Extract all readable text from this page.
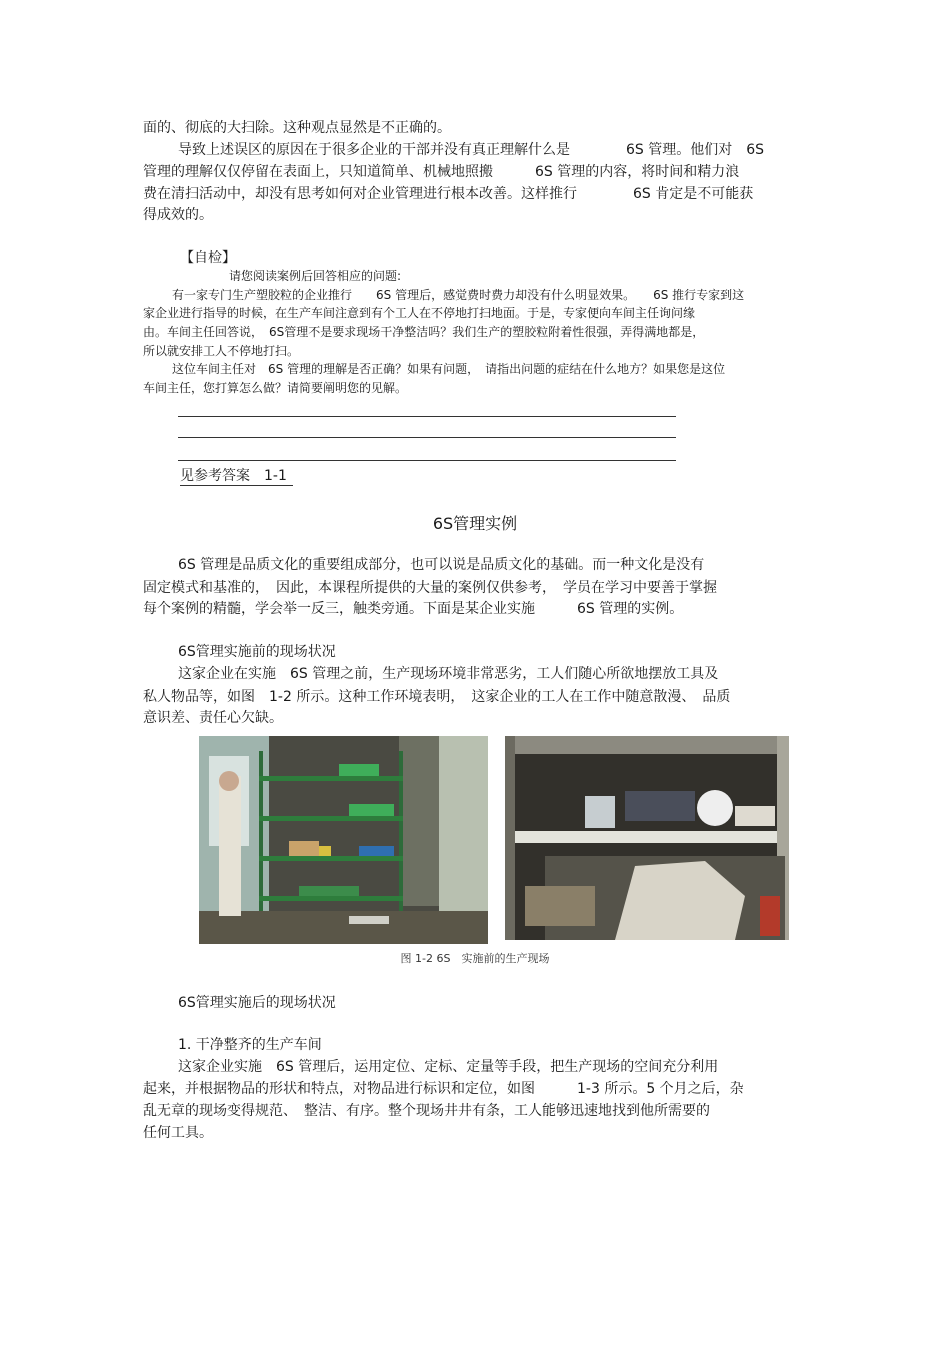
面的、彻底的大扫除。这种观点显然是不正确的。
导致上述误区的原因在于很多企业的干部并没有真正理解什么是　　　　6S 管理。他们对　6S
管理的理解仅仅停留在表面上，只知道简单、机械地照搬　　　6S 管理的内容，将时间和精力浪
费在清扫活动中，却没有思考如何对企业管理进行根本改善。这样推行　　　　6S 肯定是不可能获
得成效的。
【自检】
请您阅读案例后回答相应的问题:
有一家专门生产塑胶粒的企业推行　　6S 管理后，感觉费时费力却没有什么明显效果。　　6S 推行专家到这
家企业进行指导的时候，在生产车间注意到有个工人在不停地打扫地面。于是，专家便向车间主任询问缘
由。车间主任回答说，　6S管理不是要求现场干净整洁吗？我们生产的塑胶粒附着性很强，弄得满地都是，
所以就安排工人不停地打扫。
这位车间主任对　6S 管理的理解是否正确？如果有问题，　请指出问题的症结在什么地方？如果您是这位
车间主任，您打算怎么做？请简要阐明您的见解。
见参考答案　1-1
6S管理实例
6S 管理是品质文化的重要组成部分，也可以说是品质文化的基础。而一种文化是没有
固定模式和基准的，　因此，本课程所提供的大量的案例仅供参考，　学员在学习中要善于掌握
每个案例的精髓，学会举一反三，触类旁通。下面是某企业实施　　　6S 管理的实例。
6S管理实施前的现场状况
这家企业在实施　6S 管理之前，生产现场环境非常恶劣，工人们随心所欲地摆放工具及
私人物品等，如图　1-2 所示。这种工作环境表明，　这家企业的工人在工作中随意散漫、　品质
意识差、责任心欠缺。
图 1-2 6S　实施前的生产现场
6S管理实施后的现场状况
1. 干净整齐的生产车间
这家企业实施　6S 管理后，运用定位、定标、定量等手段，把生产现场的空间充分利用
起来，并根据物品的形状和特点，对物品进行标识和定位，如图　　　1-3 所示。5 个月之后，杂
乱无章的现场变得规范、　整洁、有序。整个现场井井有条，工人能够迅速地找到他所需要的
任何工具。
